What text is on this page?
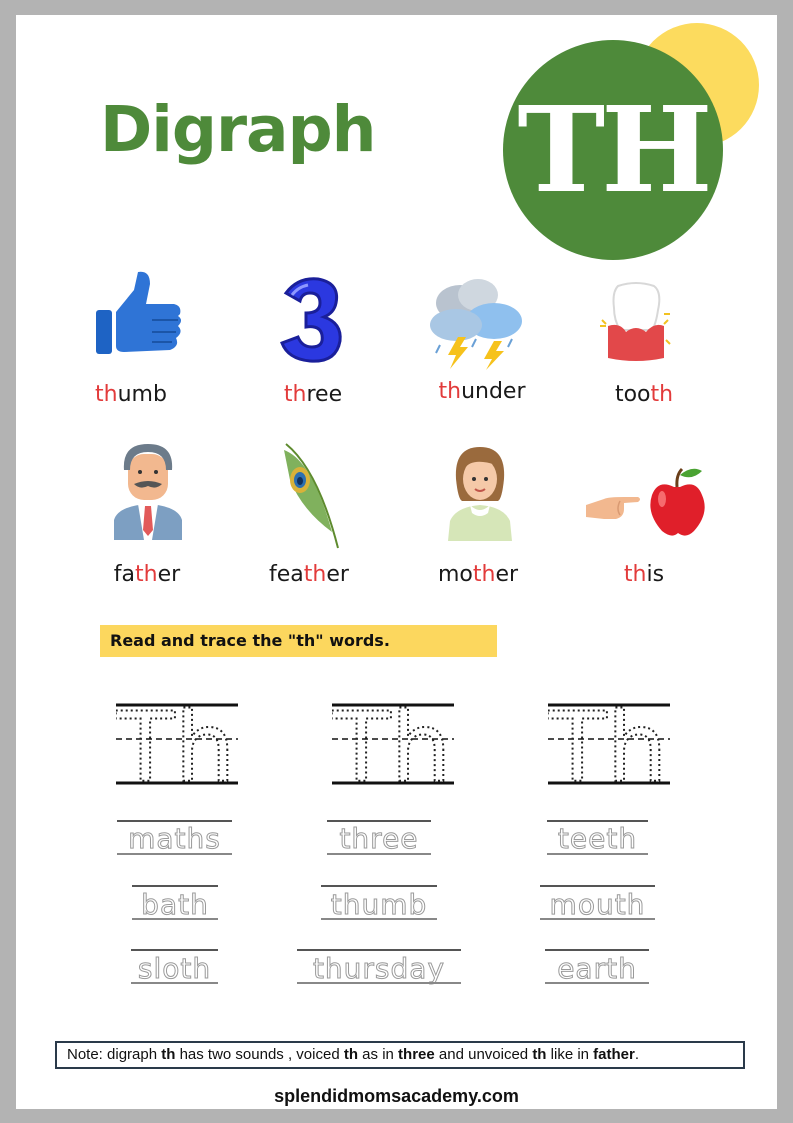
Digraph TH
thumb	three	thunder	tooth
father	feather	mother	this
Read and trace the "th" words.
Th Th Th
maths	three	teeth
bath	thumb	mouth
sloth	thursday	earth
Note: digraph th has two sounds , voiced th as in three and unvoiced th like in father.
splendidmomsacademy.com
